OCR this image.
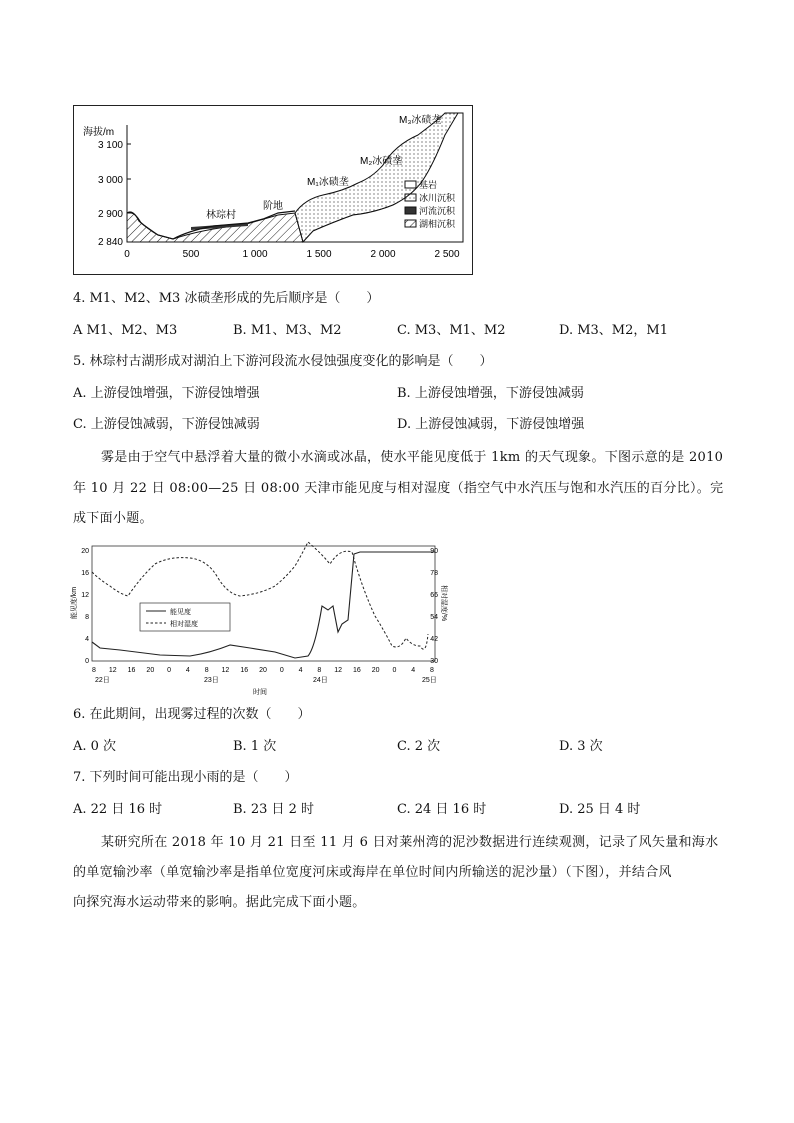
海拔/m
2 840
2 900
3 000
3 100
0	500	1 000	1 500	2 000	2 500
林琮村
阶地
M₁冰碛垄
M₂冰碛垄
M₃冰碛垄
基岩
冰川沉积
河流沉积
湖相沉积
4. M1、M2、M3 冰碛垄形成的先后顺序是（　　）
A M1、M2、M3	B. M1、M3、M2	C. M3、M1、M2	D. M3、M2，M1
5. 林琮村古湖形成对湖泊上下游河段流水侵蚀强度变化的影响是（　　）
A. 上游侵蚀增强，下游侵蚀增强	B. 上游侵蚀增强，下游侵蚀减弱
C. 上游侵蚀减弱，下游侵蚀减弱	D. 上游侵蚀减弱，下游侵蚀增强
雾是由于空气中悬浮着大量的微小水滴或冰晶，使水平能见度低于 1km 的天气现象。下图示意的是 2010
年 10 月 22 日 08:00—25 日 08:00 天津市能见度与相对湿度（指空气中水汽压与饱和水汽压的百分比）。完
成下面小题。
能见度/km	相对湿度/%
0
4
8
12
16
20
30
42
54
66
78
90
8 12 16 20 0 4 8 12 16 20 0 4 8 12 16 20 0 4 8
22日	23日	24日	25日
时间
能见度
相对湿度
6. 在此期间，出现雾过程的次数（　　）
A. 0 次	B. 1 次	C. 2 次	D. 3 次
7. 下列时间可能出现小雨的是（　　）
A. 22 日 16 时	B. 23 日 2 时	C. 24 日 16 时	D. 25 日 4 时
某研究所在 2018 年 10 月 21 日至 11 月 6 日对莱州湾的泥沙数据进行连续观测，记录了风矢量和海水
的单宽输沙率（单宽输沙率是指单位宽度河床或海岸在单位时间内所输送的泥沙量）（下图），并结合风
向探究海水运动带来的影响。据此完成下面小题。
